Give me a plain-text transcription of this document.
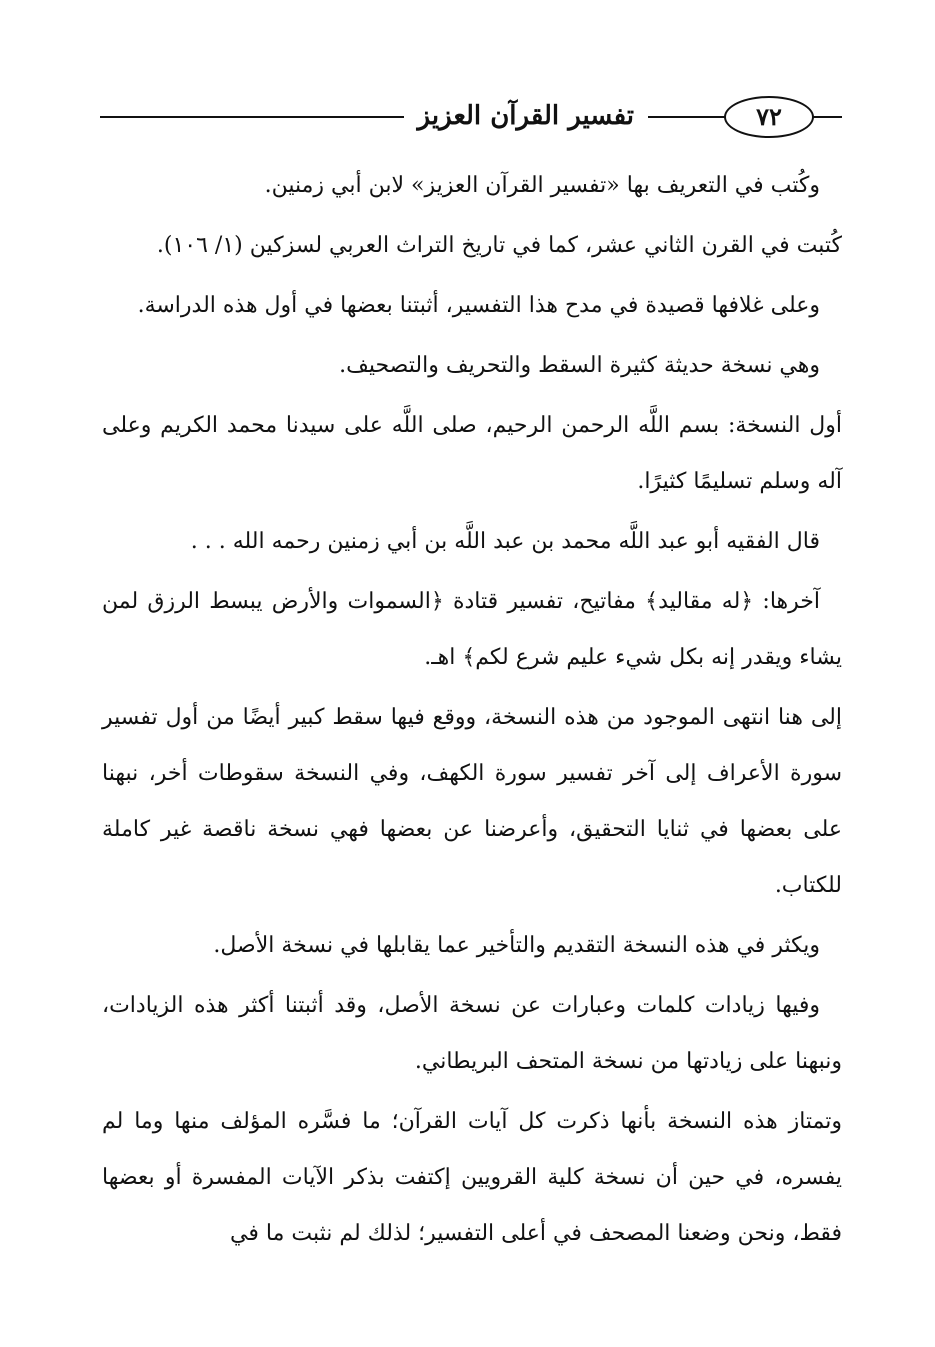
٧٢
تفسير القرآن العزيز

وكُتب في التعريف بها «تفسير القرآن العزيز» لابن أبي زمنين.

كُتبت في القرن الثاني عشر، كما في تاريخ التراث العربي لسزكين (١/ ١٠٦).

وعلى غلافها قصيدة في مدح هذا التفسير، أثبتنا بعضها في أول هذه الدراسة.

وهي نسخة حديثة كثيرة السقط والتحريف والتصحيف.

أول النسخة: بسم اللَّه الرحمن الرحيم، صلى اللَّه على سيدنا محمد الكريم وعلى آله وسلم تسليمًا كثيرًا.

قال الفقيه أبو عبد اللَّه محمد بن عبد اللَّه بن أبي زمنين رحمه الله . . .

آخرها: ﴿له مقاليد﴾ مفاتيح، تفسير قتادة ﴿السموات والأرض يبسط الرزق لمن يشاء ويقدر إنه بكل شيء عليم شرع لكم﴾ اهـ.

إلى هنا انتهى الموجود من هذه النسخة، ووقع فيها سقط كبير أيضًا من أول تفسير سورة الأعراف إلى آخر تفسير سورة الكهف، وفي النسخة سقوطات أخر، نبهنا على بعضها في ثنايا التحقيق، وأعرضنا عن بعضها فهي نسخة ناقصة غير كاملة للكتاب.

ويكثر في هذه النسخة التقديم والتأخير عما يقابلها في نسخة الأصل.

وفيها زيادات كلمات وعبارات عن نسخة الأصل، وقد أثبتنا أكثر هذه الزيادات، ونبهنا على زيادتها من نسخة المتحف البريطاني.

وتمتاز هذه النسخة بأنها ذكرت كل آيات القرآن؛ ما فسَّره المؤلف منها وما لم يفسره، في حين أن نسخة كلية القرويين إكتفت بذكر الآيات المفسرة أو بعضها فقط، ونحن وضعنا المصحف في أعلى التفسير؛ لذلك لم نثبت ما في
